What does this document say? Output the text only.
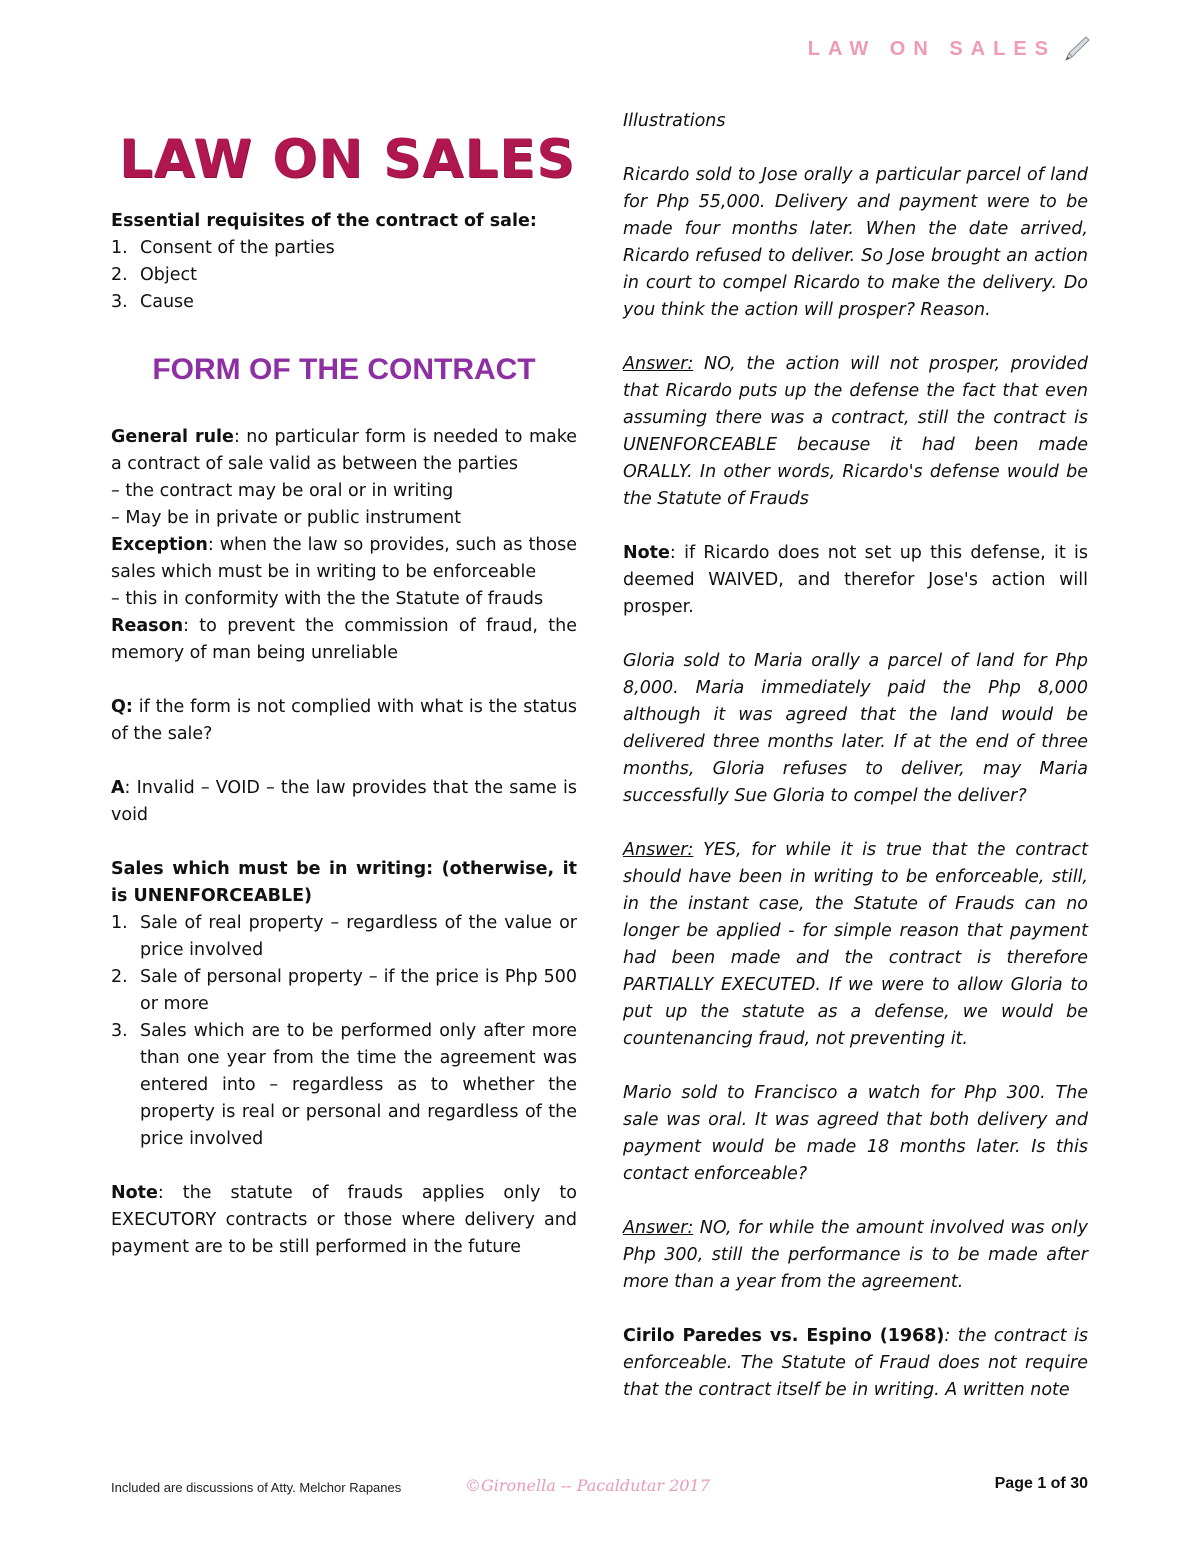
LAW ON SALES
LAW ON SALES
Essential requisites of the contract of sale:
1. Consent of the parties
2. Object
3. Cause
FORM OF THE CONTRACT
General rule: no particular form is needed to make a contract of sale valid as between the parties
– the contract may be oral or in writing
– May be in private or public instrument
Exception: when the law so provides, such as those sales which must be in writing to be enforceable
– this in conformity with the the Statute of frauds
Reason: to prevent the commission of fraud, the memory of man being unreliable
Q: if the form is not complied with what is the status of the sale?
A: Invalid – VOID – the law provides that the same is void
Sales which must be in writing: (otherwise, it is UNENFORCEABLE)
1. Sale of real property – regardless of the value or price involved
2. Sale of personal property – if the price is Php 500 or more
3. Sales which are to be performed only after more than one year from the time the agreement was entered into – regardless as to whether the property is real or personal and regardless of the price involved
Note: the statute of frauds applies only to EXECUTORY contracts or those where delivery and payment are to be still performed in the future
Illustrations
Ricardo sold to Jose orally a particular parcel of land for Php 55,000. Delivery and payment were to be made four months later. When the date arrived, Ricardo refused to deliver. So Jose brought an action in court to compel Ricardo to make the delivery. Do you think the action will prosper? Reason.
Answer: NO, the action will not prosper, provided that Ricardo puts up the defense the fact that even assuming there was a contract, still the contract is UNENFORCEABLE because it had been made ORALLY. In other words, Ricardo's defense would be the Statute of Frauds
Note: if Ricardo does not set up this defense, it is deemed WAIVED, and therefor Jose's action will prosper.
Gloria sold to Maria orally a parcel of land for Php 8,000. Maria immediately paid the Php 8,000 although it was agreed that the land would be delivered three months later. If at the end of three months, Gloria refuses to deliver, may Maria successfully Sue Gloria to compel the deliver?
Answer: YES, for while it is true that the contract should have been in writing to be enforceable, still, in the instant case, the Statute of Frauds can no longer be applied - for simple reason that payment had been made and the contract is therefore PARTIALLY EXECUTED. If we were to allow Gloria to put up the statute as a defense, we would be countenancing fraud, not preventing it.
Mario sold to Francisco a watch for Php 300. The sale was oral. It was agreed that both delivery and payment would be made 18 months later. Is this contact enforceable?
Answer: NO, for while the amount involved was only Php 300, still the performance is to be made after more than a year from the agreement.
Cirilo Paredes vs. Espino (1968): the contract is enforceable. The Statute of Fraud does not require that the contract itself be in writing. A written note
Included are discussions of Atty. Melchor Rapanes	©Gironella -- Pacaldutar 2017	Page 1 of 30
